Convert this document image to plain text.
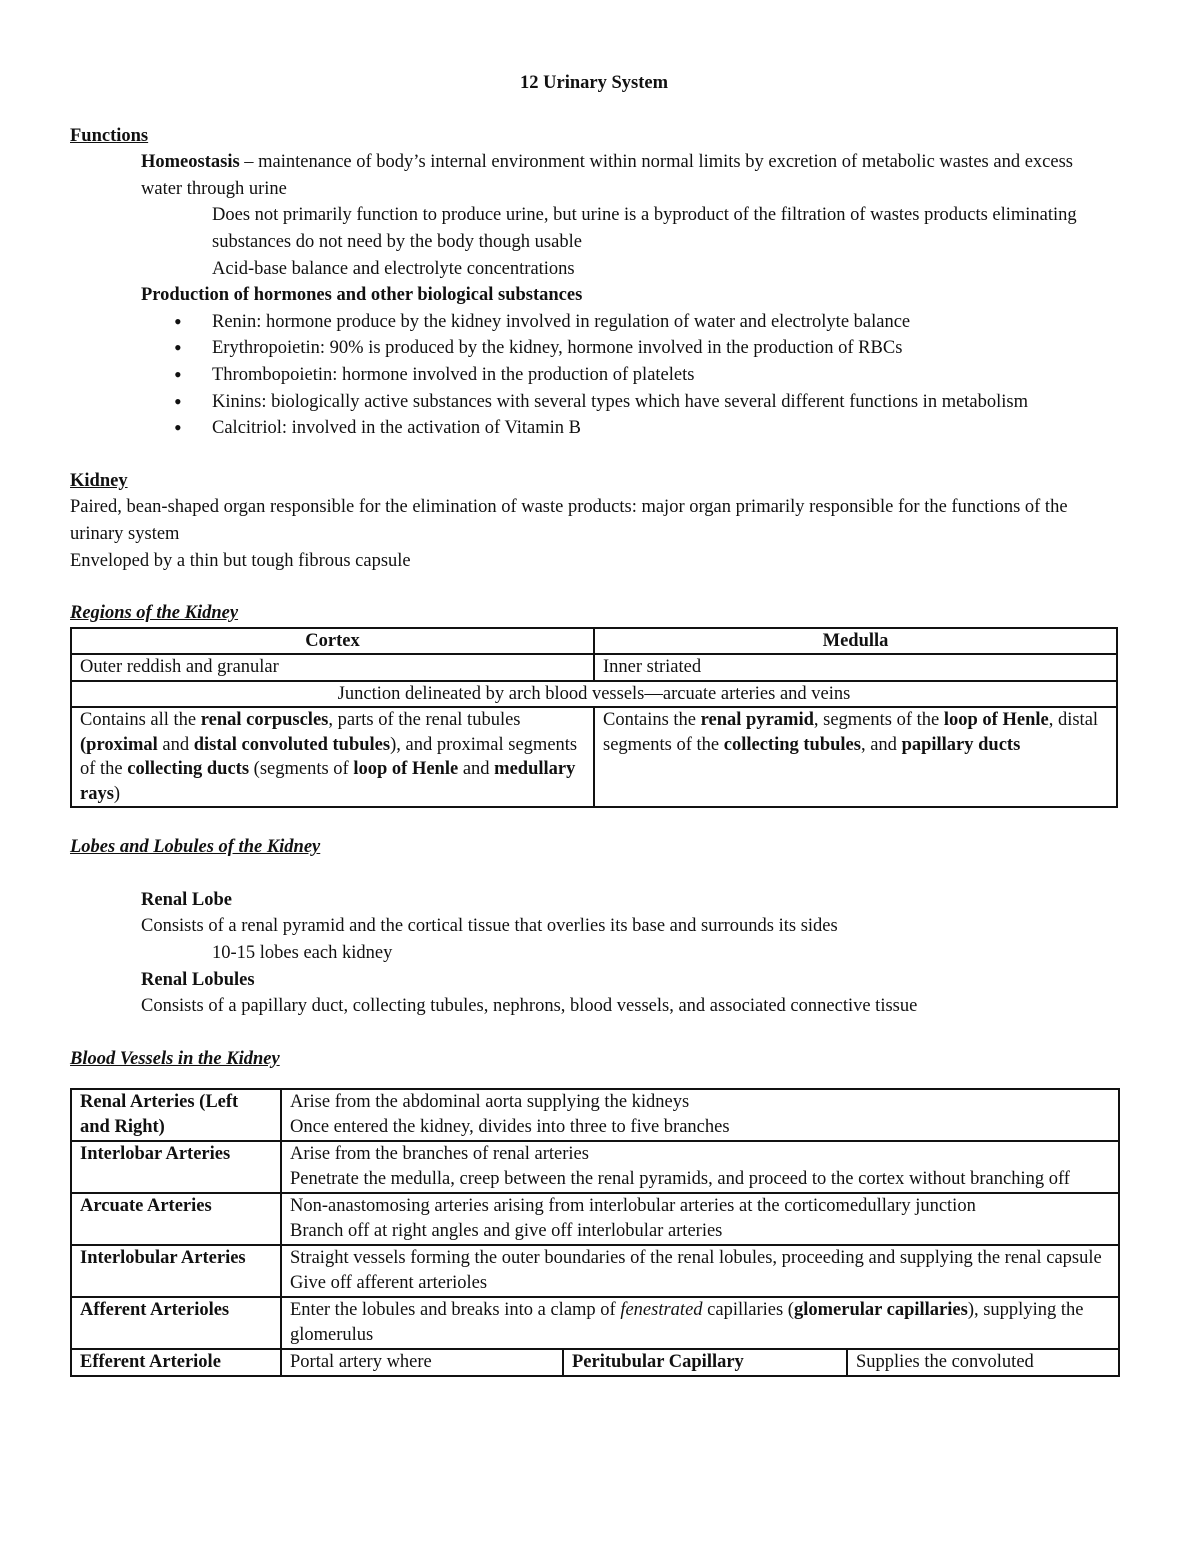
12 Urinary System
Functions
Homeostasis – maintenance of body’s internal environment within normal limits by excretion of metabolic wastes and excess water through urine
Does not primarily function to produce urine, but urine is a byproduct of the filtration of wastes products eliminating substances do not need by the body though usable
Acid-base balance and electrolyte concentrations
Production of hormones and other biological substances
• Renin: hormone produce by the kidney involved in regulation of water and electrolyte balance
• Erythropoietin: 90% is produced by the kidney, hormone involved in the production of RBCs
• Thrombopoietin: hormone involved in the production of platelets
• Kinins: biologically active substances with several types which have several different functions in metabolism
• Calcitriol: involved in the activation of Vitamin B
Kidney
Paired, bean-shaped organ responsible for the elimination of waste products: major organ primarily responsible for the functions of the urinary system
Enveloped by a thin but tough fibrous capsule
Regions of the Kidney
Cortex	Medulla
Outer reddish and granular	Inner striated
Junction delineated by arch blood vessels—arcuate arteries and veins	
Contains all the renal corpuscles, parts of the renal tubules (proximal and distal convoluted tubules), and proximal segments of the collecting ducts (segments of loop of Henle and medullary rays)	Contains the renal pyramid, segments of the loop of Henle, distal segments of the collecting tubules, and papillary ducts
Lobes and Lobules of the Kidney
Renal Lobe
Consists of a renal pyramid and the cortical tissue that overlies its base and surrounds its sides
10-15 lobes each kidney
Renal Lobules
Consists of a papillary duct, collecting tubules, nephrons, blood vessels, and associated connective tissue
Blood Vessels in the Kidney
Renal Arteries (Left and Right)	Arise from the abdominal aorta supplying the kidneys
Once entered the kidney, divides into three to five branches		

Interlobar Arteries	Arise from the branches of renal arteries
Penetrate the medulla, creep between the renal pyramids, and proceed to the cortex without branching off		

Arcuate Arteries	Non-anastomosing arteries arising from interlobular arteries at the corticomedullary junction
Branch off at right angles and give off interlobular arteries		

Interlobular Arteries	Straight vessels forming the outer boundaries of the renal lobules, proceeding and supplying the renal capsule
Give off afferent arterioles		

Afferent Arterioles	Enter the lobules and breaks into a clamp of fenestrated capillaries (glomerular capillaries), supplying the glomerulus		
Efferent Arteriole	Portal artery where	Peritubular Capillary	Supplies the convoluted
